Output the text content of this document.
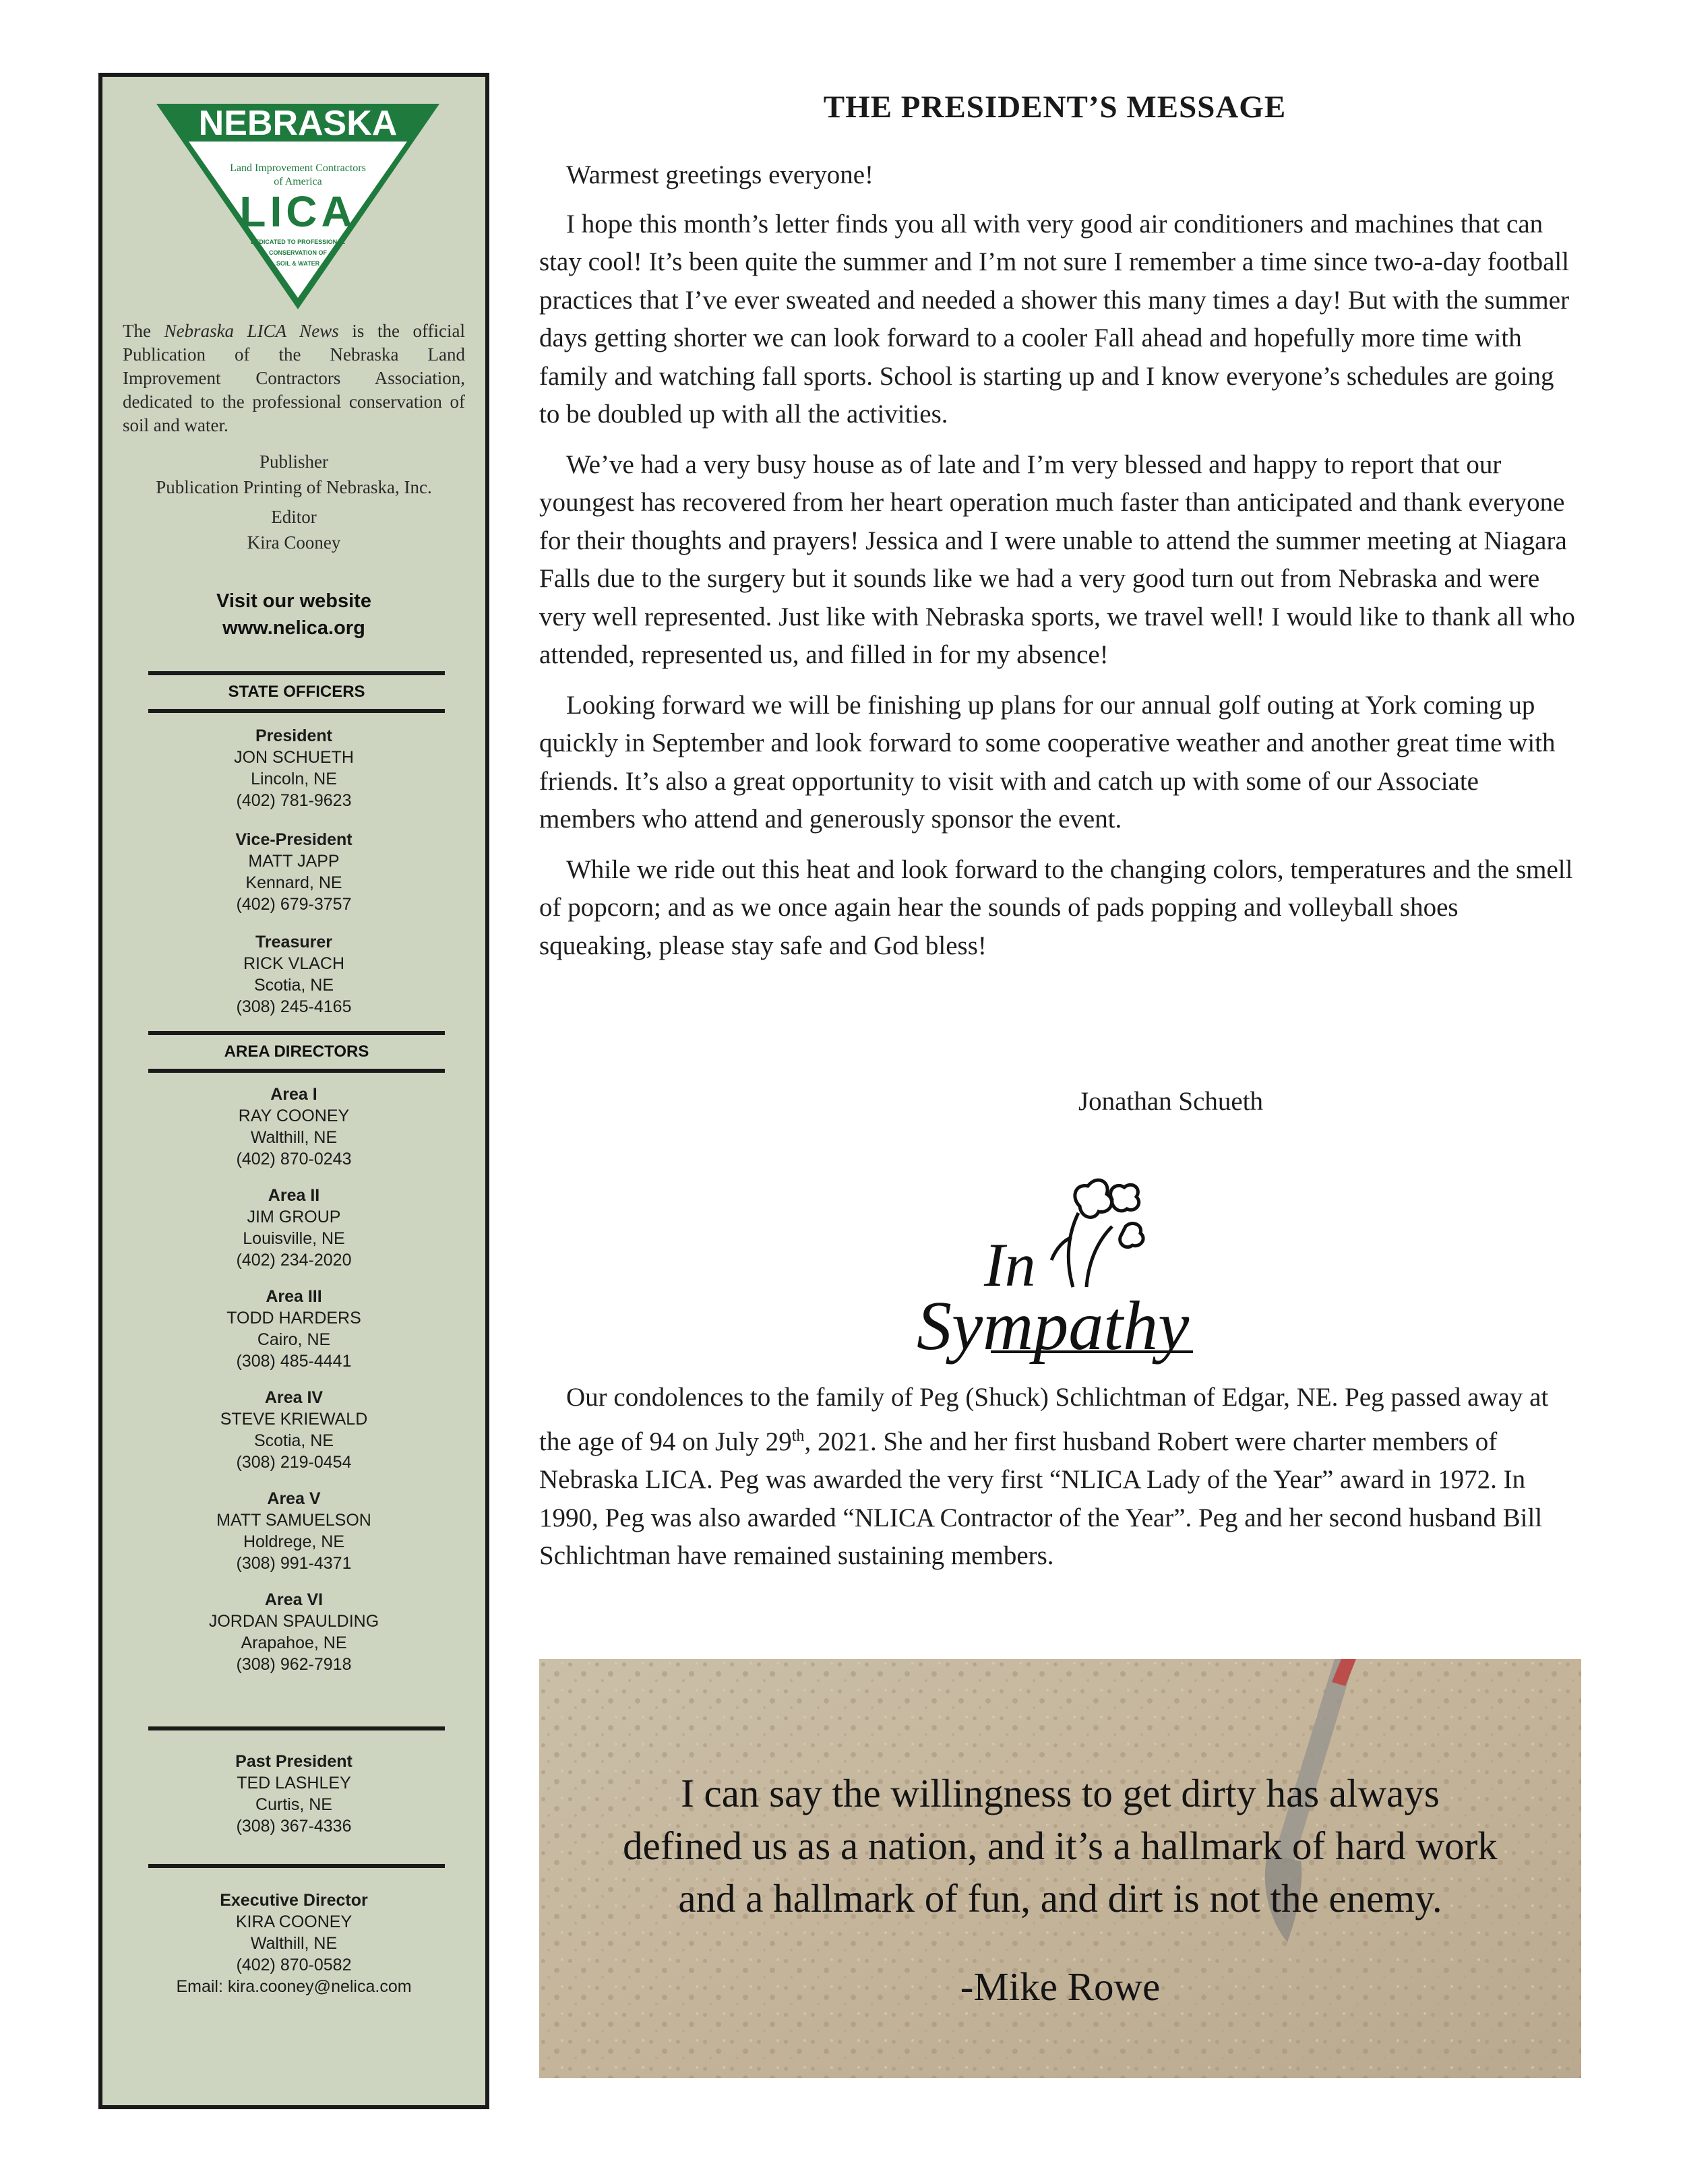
NEBRASKA
CHAPTER
Land Improvement Contractors
of America
LICA
DEDICATED TO PROFESSIONAL
CONSERVATION OF
SOIL & WATER
The Nebraska LICA News is the official Publication of the Nebraska Land Improvement Contractors Association, dedicated to the professional conservation of soil and water.
Publisher
Publication Printing of Nebraska, Inc.
Editor
Kira Cooney
Visit our website
www.nelica.org
STATE OFFICERS
President
JON SCHUETH
Lincoln, NE
(402) 781-9623
Vice-President
MATT JAPP
Kennard, NE
(402) 679-3757
Treasurer
RICK VLACH
Scotia, NE
(308) 245-4165
AREA DIRECTORS
Area I
RAY COONEY
Walthill, NE
(402) 870-0243
Area II
JIM GROUP
Louisville, NE
(402) 234-2020
Area III
TODD HARDERS
Cairo, NE
(308) 485-4441
Area IV
STEVE KRIEWALD
Scotia, NE
(308) 219-0454
Area V
MATT SAMUELSON
Holdrege, NE
(308) 991-4371
Area VI
JORDAN SPAULDING
Arapahoe, NE
(308) 962-7918
Past President
TED LASHLEY
Curtis, NE
(308) 367-4336
Executive Director
KIRA COONEY
Walthill, NE
(402) 870-0582
Email: kira.cooney@nelica.com
THE PRESIDENT’S MESSAGE

Warmest greetings everyone!

I hope this month’s letter finds you all with very good air conditioners and machines that can stay cool! It’s been quite the summer and I’m not sure I remember a time since two-a-day football practices that I’ve ever sweated and needed a shower this many times a day! But with the summer days getting shorter we can look forward to a cooler Fall ahead and hopefully more time with family and watching fall sports. School is starting up and I know everyone’s schedules are going to be doubled up with all the activities.

We’ve had a very busy house as of late and I’m very blessed and happy to report that our youngest has recovered from her heart operation much faster than anticipated and thank everyone for their thoughts and prayers! Jessica and I were unable to attend the summer meeting at Niagara Falls due to the surgery but it sounds like we had a very good turn out from Nebraska and were very well represented. Just like with Nebraska sports, we travel well! I would like to thank all who attended, represented us, and filled in for my absence!

Looking forward we will be finishing up plans for our annual golf outing at York coming up quickly in September and look forward to some cooperative weather and another great time with friends. It’s also a great opportunity to visit with and catch up with some of our Associate members who attend and generously sponsor the event.

While we ride out this heat and look forward to the changing colors, temperatures and the smell of popcorn; and as we once again hear the sounds of pads popping and volleyball shoes squeaking, please stay safe and God bless!

Jonathan Schueth
In
Sympathy

Our condolences to the family of Peg (Shuck) Schlichtman of Edgar, NE. Peg passed away at the age of 94 on July 29th, 2021. She and her first husband Robert were charter members of Nebraska LICA. Peg was awarded the very first “NLICA Lady of the Year” award in 1972. In 1990, Peg was also awarded “NLICA Contractor of the Year”. Peg and her second husband Bill Schlichtman have remained sustaining members.

I can say the willingness to get dirty has always
defined us as a nation, and it’s a hallmark of hard work
and a hallmark of fun, and dirt is not the enemy.
-Mike Rowe
